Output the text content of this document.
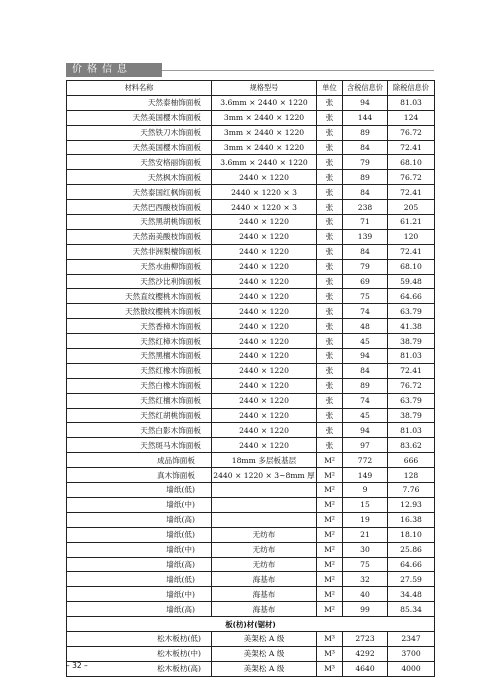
价格信息
材料名称	规格型号	单位	含税信息价	除税信息价
天然泰柚饰面板	3.6mm × 2440 × 1220	张	94	81.03
天然美国樱木饰面板	3mm × 2440 × 1220	张	144	124
天然铁刀木饰面板	3mm × 2440 × 1220	张	89	76.72
天然美国樱木饰面板	3mm × 2440 × 1220	张	84	72.41
天然安格丽饰面板	3.6mm × 2440 × 1220	张	79	68.10
天然枫木饰面板	2440 × 1220	张	89	76.72
天然泰国红枫饰面板	2440 × 1220 × 3	张	84	72.41
天然巴西酸枝饰面板	2440 × 1220 × 3	张	238	205
天然黑胡桃饰面板	2440 × 1220	张	71	61.21
天然南美酸枝饰面板	2440 × 1220	张	139	120
天然非洲梨檀饰面板	2440 × 1220	张	84	72.41
天然水曲柳饰面板	2440 × 1220	张	79	68.10
天然沙比利饰面板	2440 × 1220	张	69	59.48
天然直纹樱桃木饰面板	2440 × 1220	张	75	64.66
天然散纹樱桃木饰面板	2440 × 1220	张	74	63.79
天然香樟木饰面板	2440 × 1220	张	48	41.38
天然红樟木饰面板	2440 × 1220	张	45	38.79
天然黑檀木饰面板	2440 × 1220	张	94	81.03
天然红橡木饰面板	2440 × 1220	张	84	72.41
天然白橡木饰面板	2440 × 1220	张	89	76.72
天然红檀木饰面板	2440 × 1220	张	74	63.79
天然红胡桃饰面板	2440 × 1220	张	45	38.79
天然白影木饰面板	2440 × 1220	张	94	81.03
天然斑马木饰面板	2440 × 1220	张	97	83.62
成品饰面板	18mm 多层板基层	M²	772	666
真木饰面板	2440 × 1220 × 3~8mm 厚	M²	149	128
墙纸(低)		M²	9	7.76
墙纸(中)		M²	15	12.93
墙纸(高)		M²	19	16.38
墙纸(低)	无纺布	M²	21	18.10
墙纸(中)	无纺布	M²	30	25.86
墙纸(高)	无纺布	M²	75	64.66
墙纸(低)	海基布	M²	32	27.59
墙纸(中)	海基布	M²	40	34.48
墙纸(高)	海基布	M²	99	85.34
板(枋)材(锯材)				
松木板枋(低)	美架松 A 级	M³	2723	2347
松木板枋(中)	美架松 A 级	M³	4292	3700
松木板枋(高)	美架松 A 级	M³	4640	4000
– 32 –
